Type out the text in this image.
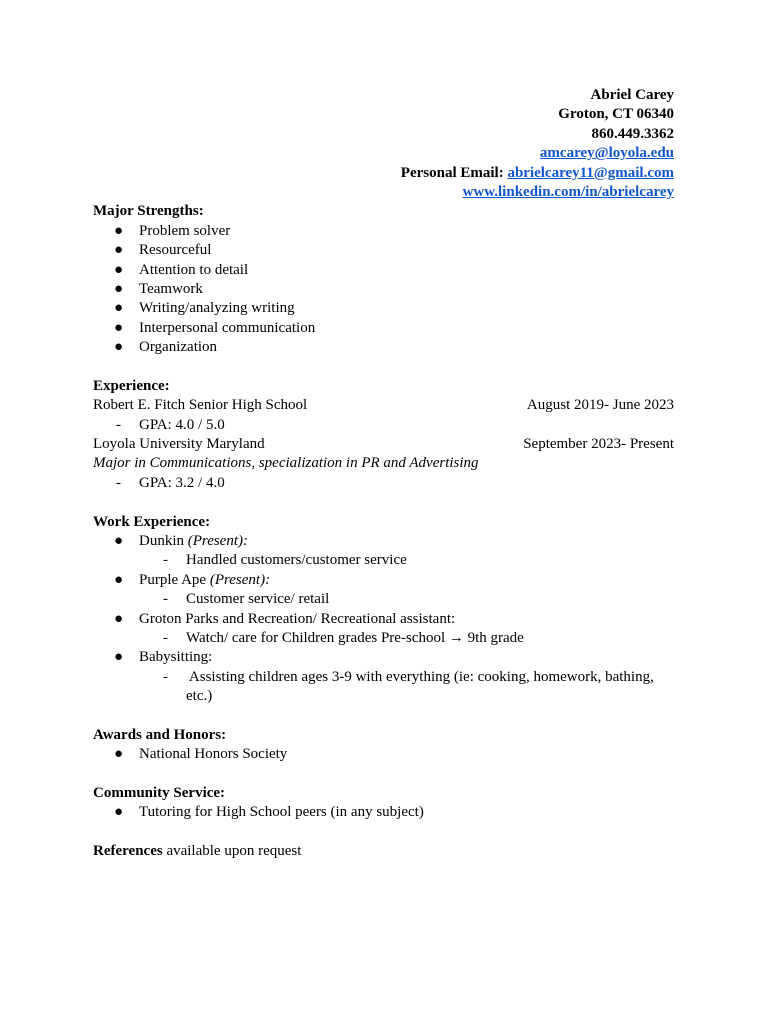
Abriel Carey
Groton, CT 06340
860.449.3362
amcarey@loyola.edu
Personal Email: abrielcarey11@gmail.com
www.linkedin.com/in/abrielcarey
Major Strengths:
● Problem solver
● Resourceful
● Attention to detail
● Teamwork
● Writing/analyzing writing
● Interpersonal communication
● Organization
Experience:
Robert E. Fitch Senior High School	August 2019- June 2023
- GPA: 4.0 / 5.0
Loyola University Maryland	September 2023- Present
Major in Communications, specialization in PR and Advertising
- GPA: 3.2 / 4.0
Work Experience:
● Dunkin (Present):
- Handled customers/customer service
● Purple Ape (Present):
- Customer service/ retail
● Groton Parks and Recreation/ Recreational assistant:
- Watch/ care for Children grades Pre-school → 9th grade
● Babysitting:
- Assisting children ages 3-9 with everything (ie: cooking, homework, bathing,
etc.)
Awards and Honors:
● National Honors Society
Community Service:
● Tutoring for High School peers (in any subject)
References available upon request
